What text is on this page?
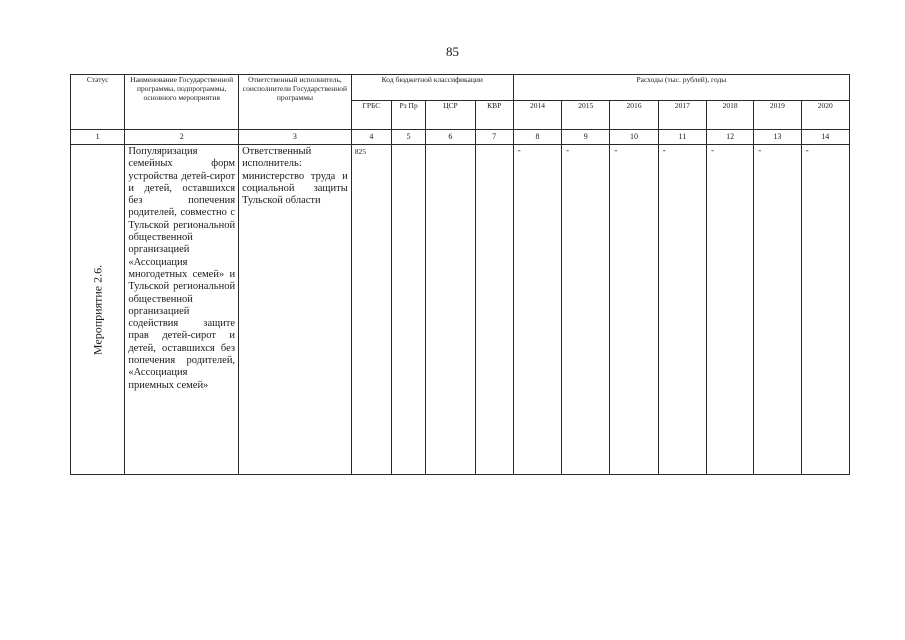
85
Статус	Наименование Государственной программы, подпрограммы, основного мероприятия	Ответственный исполнитель, соисполнители Государственной программы	Код бюджетной классификации				Расходы (тыс. рублей), годы						
			ГРБС	Рз Пр	ЦСР	КВР	2014	2015	2016	2017	2018	2019	2020
1	2	3	4	5	6	7	8	9	10	11	12	13	14

Мероприятие 2.6.	Популяризация семейных форм устройства детей-сирот и детей, оставшихся без попечения родителей, совместно с Тульской региональной общественной организацией «Ассоциация многодетных семей» и Тульской региональной общественной организацией содействия защите прав детей-сирот и детей, оставшихся без попечения родителей, «Ассоциация приемных семей»	Ответственный исполнитель: министерство труда и социальной защиты Тульской области	825				-	-	-	-	-	-	-
